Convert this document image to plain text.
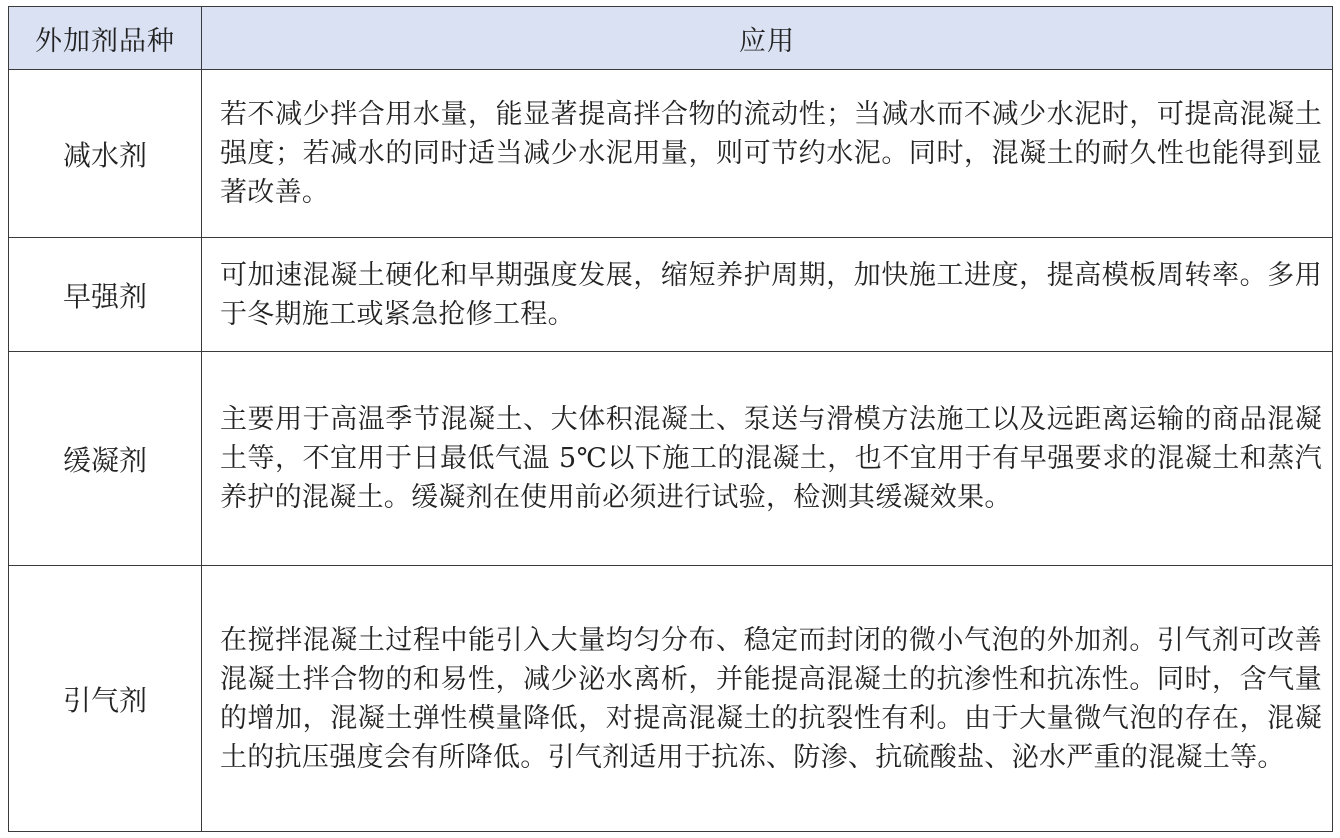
外加剂品种	应用
减水剂	若不减少拌合用水量，能显著提高拌合物的流动性；当减水而不减少水泥时，可提高混凝土强度；若减水的同时适当减少水泥用量，则可节约水泥。同时，混凝土的耐久性也能得到显著改善。
早强剂	可加速混凝土硬化和早期强度发展，缩短养护周期，加快施工进度，提高模板周转率。多用于冬期施工或紧急抢修工程。
缓凝剂	主要用于高温季节混凝土、大体积混凝土、泵送与滑模方法施工以及远距离运输的商品混凝土等，不宜用于日最低气温 5℃以下施工的混凝土，也不宜用于有早强要求的混凝土和蒸汽养护的混凝土。缓凝剂在使用前必须进行试验，检测其缓凝效果。
引气剂	在搅拌混凝土过程中能引入大量均匀分布、稳定而封闭的微小气泡的外加剂。引气剂可改善混凝土拌合物的和易性，减少泌水离析，并能提高混凝土的抗渗性和抗冻性。同时，含气量的增加，混凝土弹性模量降低，对提高混凝土的抗裂性有利。由于大量微气泡的存在，混凝土的抗压强度会有所降低。引气剂适用于抗冻、防渗、抗硫酸盐、泌水严重的混凝土等。
